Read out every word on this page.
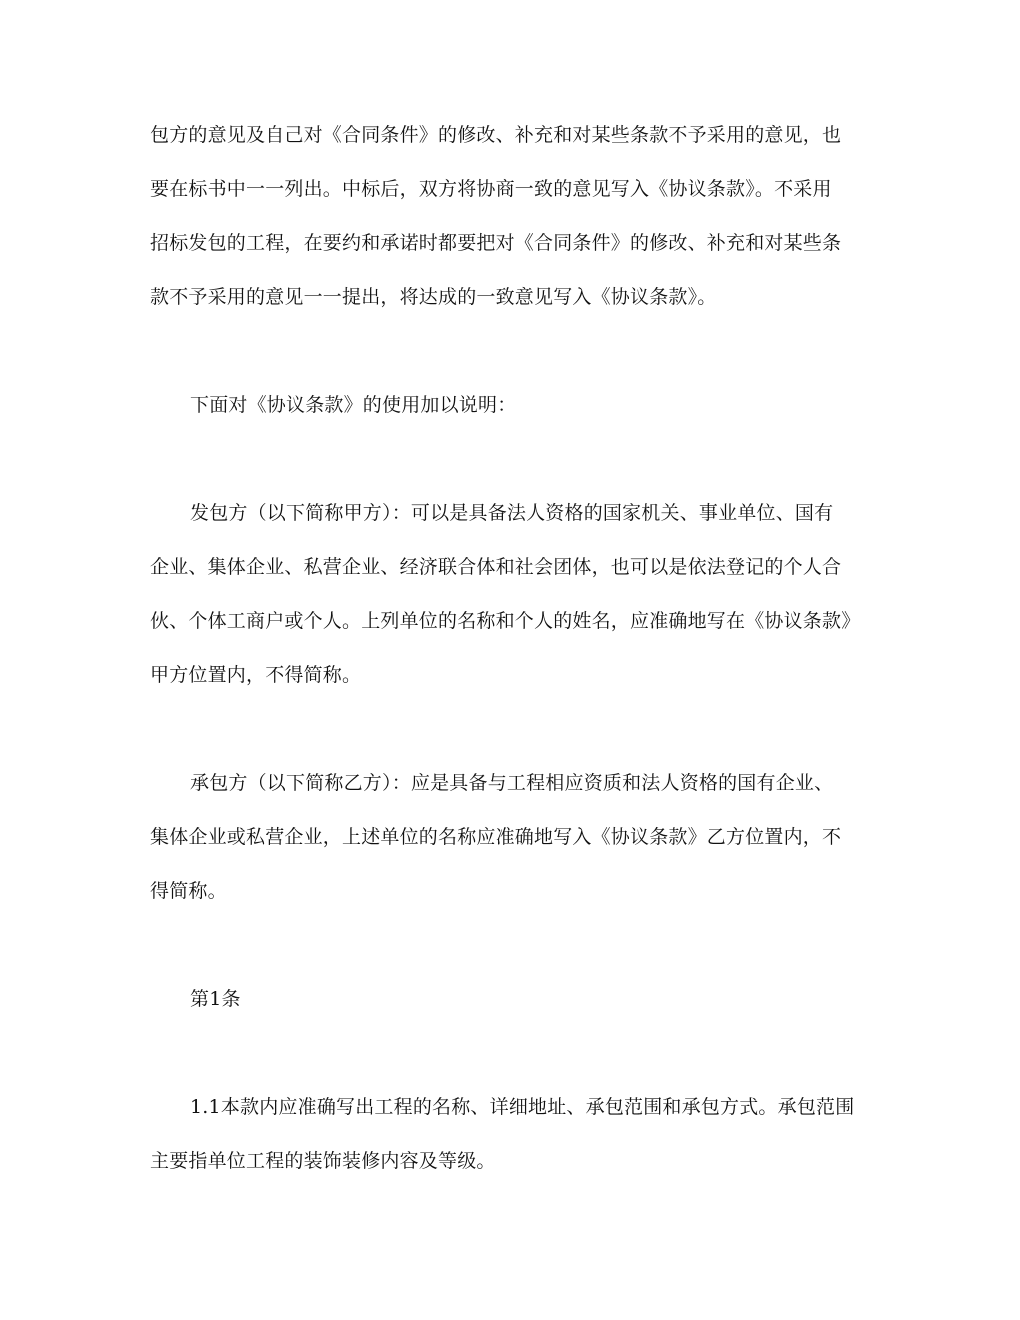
包方的意见及自己对《合同条件》的修改、补充和对某些条款不予采用的意见，也
要在标书中一一列出。中标后，双方将协商一致的意见写入《协议条款》。不采用
招标发包的工程，在要约和承诺时都要把对《合同条件》的修改、补充和对某些条
款不予采用的意见一一提出，将达成的一致意见写入《协议条款》。
下面对《协议条款》的使用加以说明：
发包方（以下简称甲方）：可以是具备法人资格的国家机关、事业单位、国有
企业、集体企业、私营企业、经济联合体和社会团体，也可以是依法登记的个人合
伙、个体工商户或个人。上列单位的名称和个人的姓名，应准确地写在《协议条款》
甲方位置内，不得简称。
承包方（以下简称乙方）：应是具备与工程相应资质和法人资格的国有企业、
集体企业或私营企业，上述单位的名称应准确地写入《协议条款》乙方位置内，不
得简称。
第1条
1.1本款内应准确写出工程的名称、详细地址、承包范围和承包方式。承包范围
主要指单位工程的装饰装修内容及等级。
